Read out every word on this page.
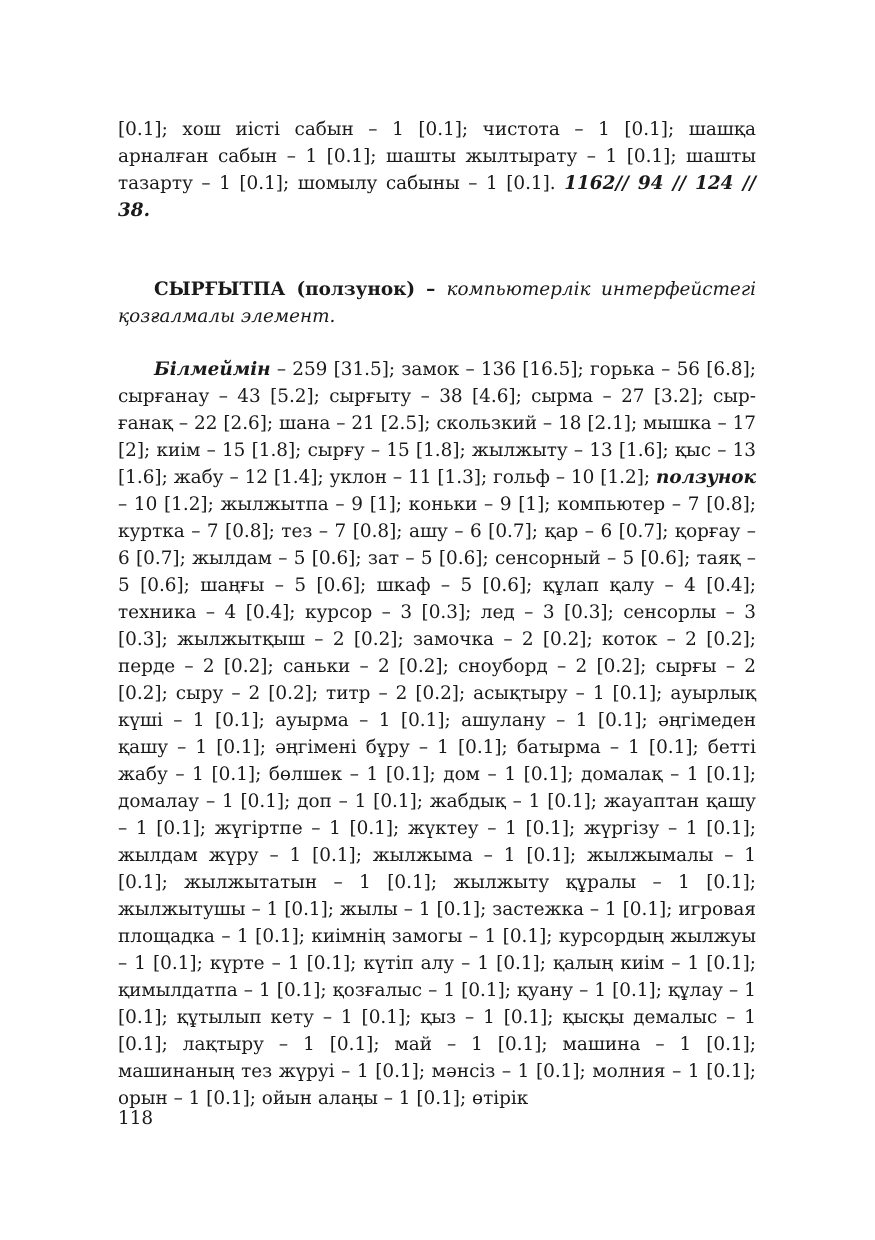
[0.1]; хош иісті сабын – 1 [0.1]; чистота – 1 [0.1]; шашқа арналған сабын – 1 [0.1]; шашты жылтырату – 1 [0.1]; шашты тазарту – 1 [0.1]; шомылу сабыны – 1 [0.1]. 1162// 94 // 124 // 38.

СЫРҒЫТПА (ползунок) – компьютерлік интерфейстегі қозғалмалы элемент.

Білмеймін – 259 [31.5]; замок – 136 [16.5]; горька – 56 [6.8]; сырғанау – 43 [5.2]; сырғыту – 38 [4.6]; сырма – 27 [3.2]; сырғанақ – 22 [2.6]; шана – 21 [2.5]; скользкий – 18 [2.1]; мышка – 17 [2]; киім – 15 [1.8]; сырғу – 15 [1.8]; жылжыту – 13 [1.6]; қыс – 13 [1.6]; жабу – 12 [1.4]; уклон – 11 [1.3]; гольф – 10 [1.2]; ползунок – 10 [1.2]; жылжытпа – 9 [1]; коньки – 9 [1]; компьютер – 7 [0.8]; куртка – 7 [0.8]; тез – 7 [0.8]; ашу – 6 [0.7]; қар – 6 [0.7]; қорғау – 6 [0.7]; жылдам – 5 [0.6]; зат – 5 [0.6]; сенсорный – 5 [0.6]; таяқ – 5 [0.6]; шаңғы – 5 [0.6]; шкаф – 5 [0.6]; құлап қалу – 4 [0.4]; техника – 4 [0.4]; курсор – 3 [0.3]; лед – 3 [0.3]; сенсорлы – 3 [0.3]; жылжытқыш – 2 [0.2]; замочка – 2 [0.2]; коток – 2 [0.2]; перде – 2 [0.2]; саньки – 2 [0.2]; сноуборд – 2 [0.2]; сырғы – 2 [0.2]; сыру – 2 [0.2]; титр – 2 [0.2]; асықтыру – 1 [0.1]; ауырлық күші – 1 [0.1]; ауырма – 1 [0.1]; ашулану – 1 [0.1]; әңгімеден қашу – 1 [0.1]; әңгімені бұру – 1 [0.1]; батырма – 1 [0.1]; бетті жабу – 1 [0.1]; бөлшек – 1 [0.1]; дом – 1 [0.1]; домалақ – 1 [0.1]; домалау – 1 [0.1]; доп – 1 [0.1]; жабдық – 1 [0.1]; жауаптан қашу – 1 [0.1]; жүгіртпе – 1 [0.1]; жүктеу – 1 [0.1]; жүргізу – 1 [0.1]; жылдам жүру – 1 [0.1]; жылжыма – 1 [0.1]; жылжымалы – 1 [0.1]; жылжытатын – 1 [0.1]; жылжыту құралы – 1 [0.1]; жылжытушы – 1 [0.1]; жылы – 1 [0.1]; застежка – 1 [0.1]; игровая площадка – 1 [0.1]; киімнің замогы – 1 [0.1]; курсордың жылжуы – 1 [0.1]; күрте – 1 [0.1]; күтіп алу – 1 [0.1]; қалың киім – 1 [0.1]; қимылдатпа – 1 [0.1]; қозғалыс – 1 [0.1]; қуану – 1 [0.1]; құлау – 1 [0.1]; құтылып кету – 1 [0.1]; қыз – 1 [0.1]; қысқы демалыс – 1 [0.1]; лақтыру – 1 [0.1]; май – 1 [0.1]; машина – 1 [0.1]; машинаның тез жүруі – 1 [0.1]; мәнсіз – 1 [0.1]; молния – 1 [0.1]; орын – 1 [0.1]; ойын алаңы – 1 [0.1]; өтірік

118
